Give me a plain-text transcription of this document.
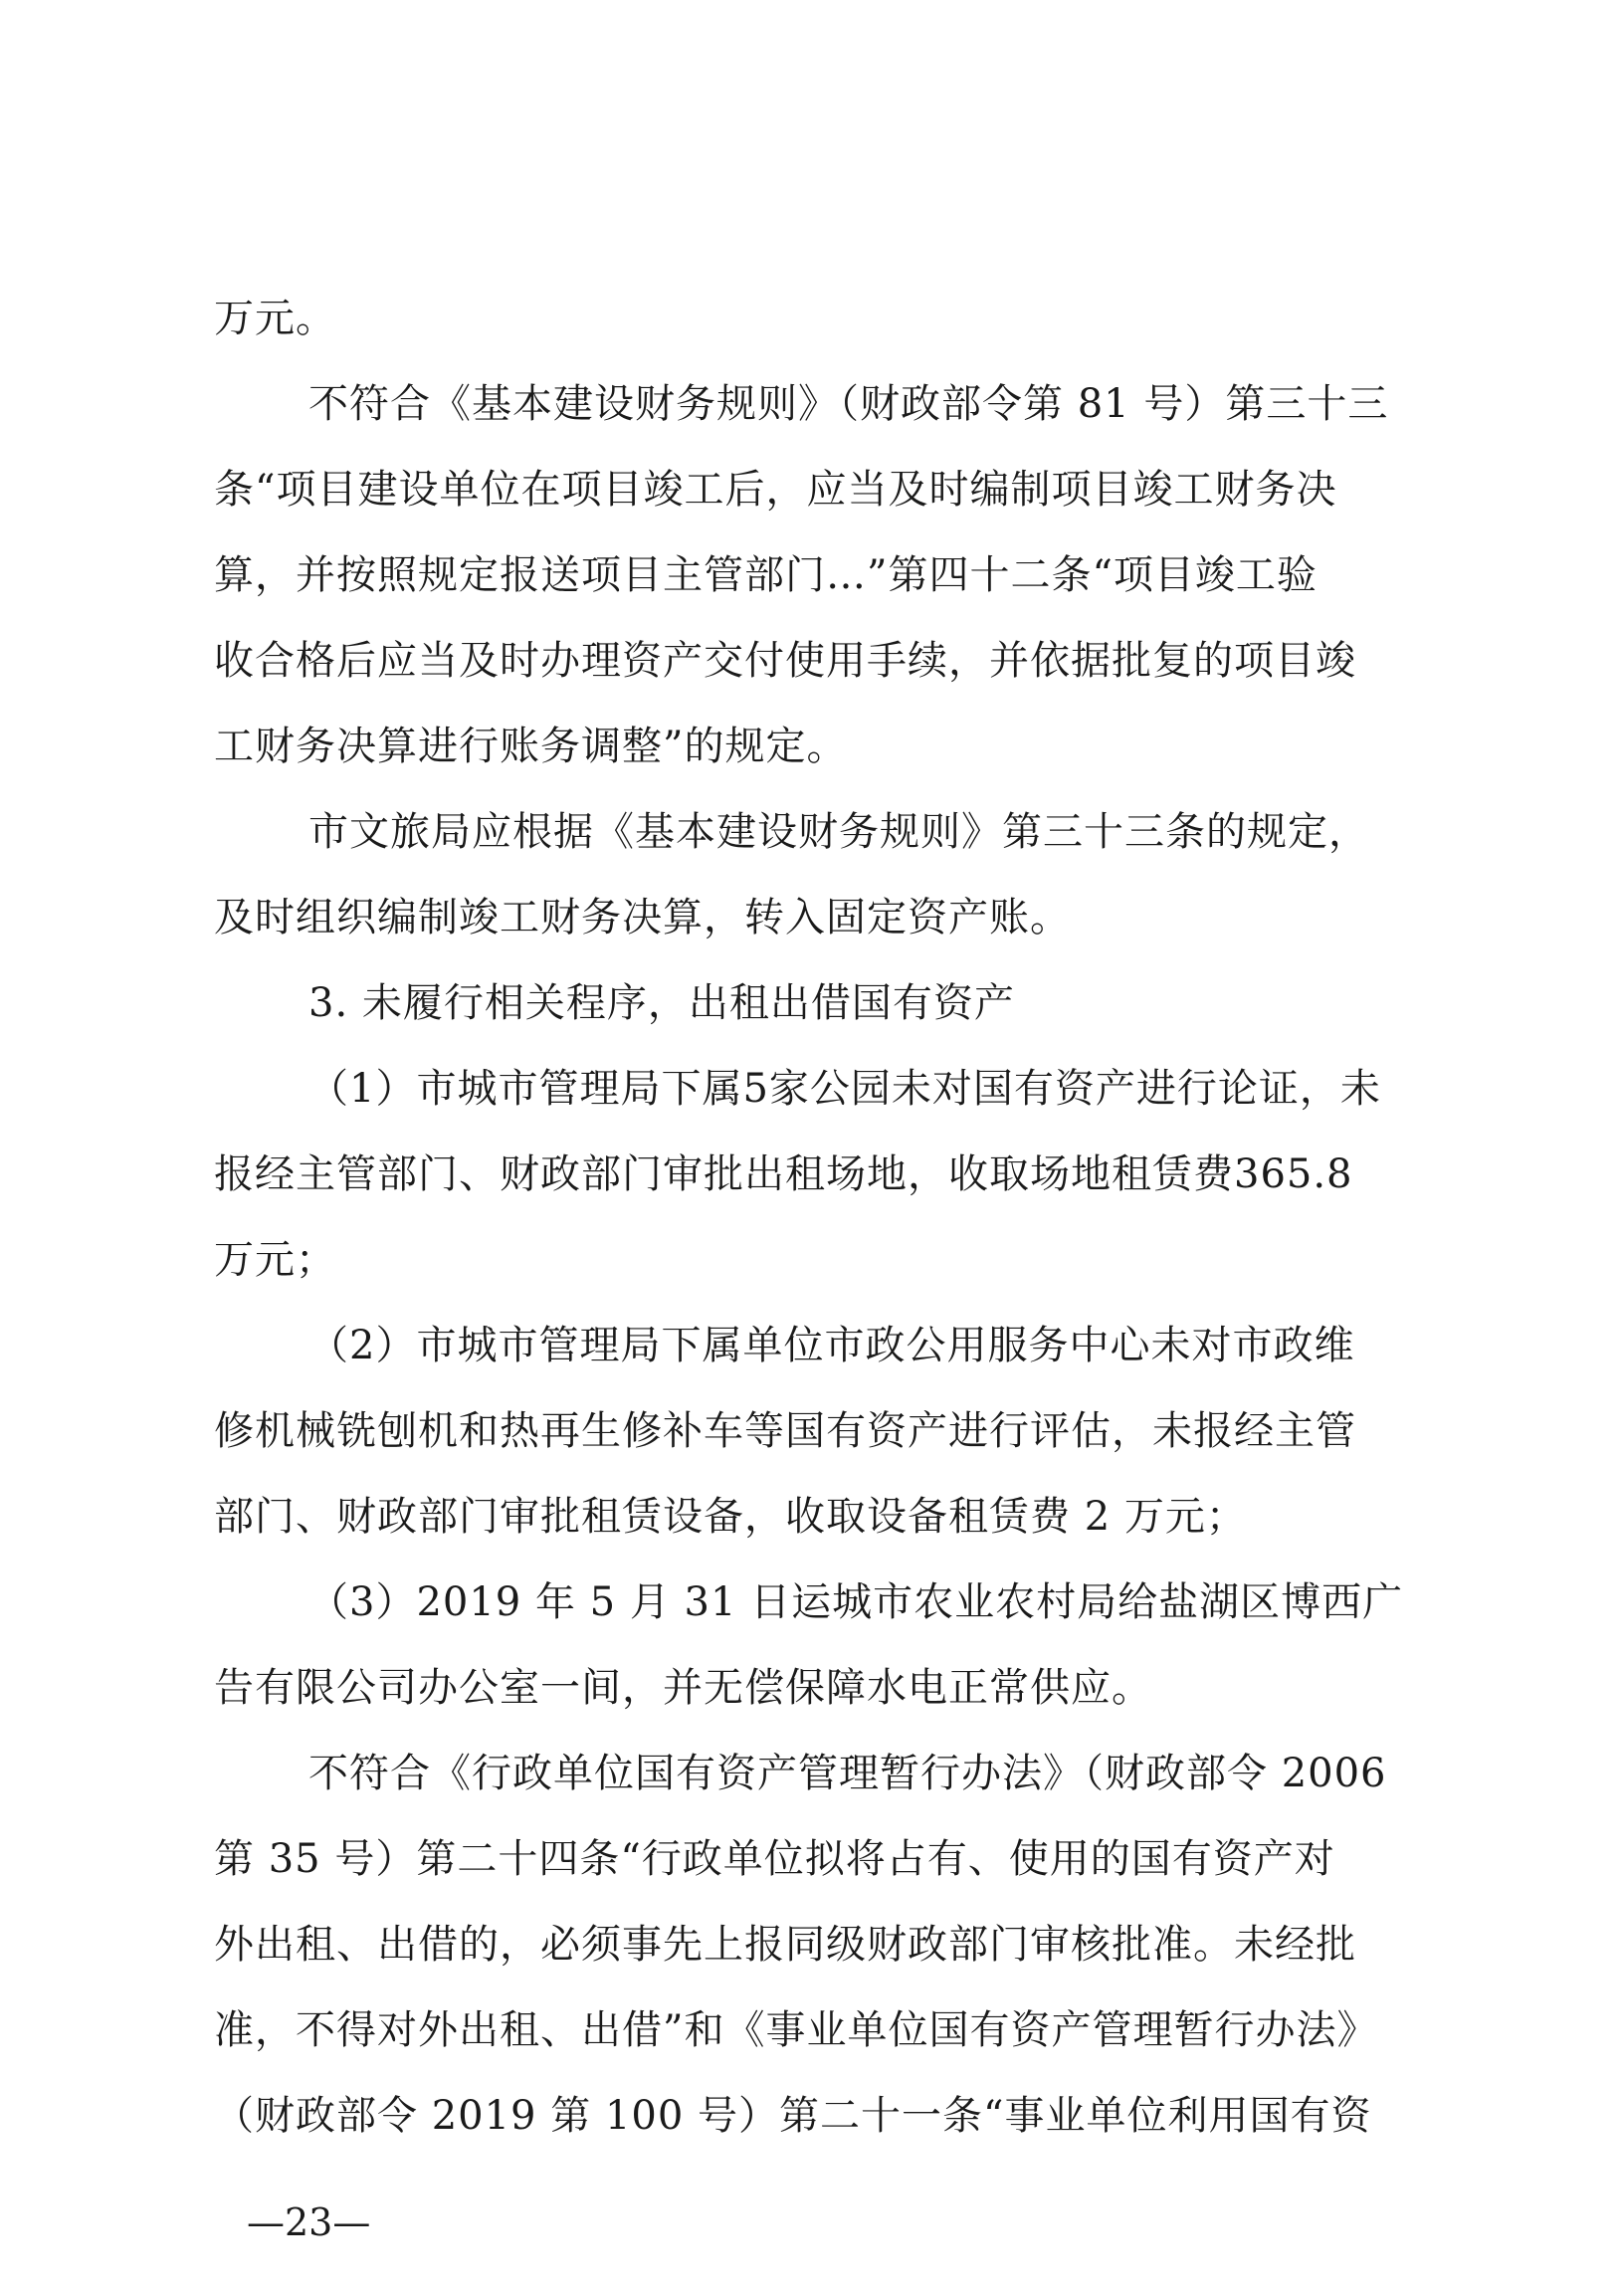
万元。
不符合《基本建设财务规则》（财政部令第 81 号）第三十三
条“项目建设单位在项目竣工后，应当及时编制项目竣工财务决
算，并按照规定报送项目主管部门…”第四十二条“项目竣工验
收合格后应当及时办理资产交付使用手续，并依据批复的项目竣
工财务决算进行账务调整”的规定。
市文旅局应根据《基本建设财务规则》第三十三条的规定，
及时组织编制竣工财务决算，转入固定资产账。
3. 未履行相关程序，出租出借国有资产
（1）市城市管理局下属5家公园未对国有资产进行论证，未
报经主管部门、财政部门审批出租场地，收取场地租赁费365.8
万元；
（2）市城市管理局下属单位市政公用服务中心未对市政维
修机械铣刨机和热再生修补车等国有资产进行评估，未报经主管
部门、财政部门审批租赁设备，收取设备租赁费 2 万元；
（3）2019 年 5 月 31 日运城市农业农村局给盐湖区博西广
告有限公司办公室一间，并无偿保障水电正常供应。
不符合《行政单位国有资产管理暂行办法》（财政部令 2006
第 35 号）第二十四条“行政单位拟将占有、使用的国有资产对
外出租、出借的，必须事先上报同级财政部门审核批准。未经批
准，不得对外出租、出借”和《事业单位国有资产管理暂行办法》
—23—
（财政部令 2019 第 100 号）第二十一条“事业单位利用国有资
